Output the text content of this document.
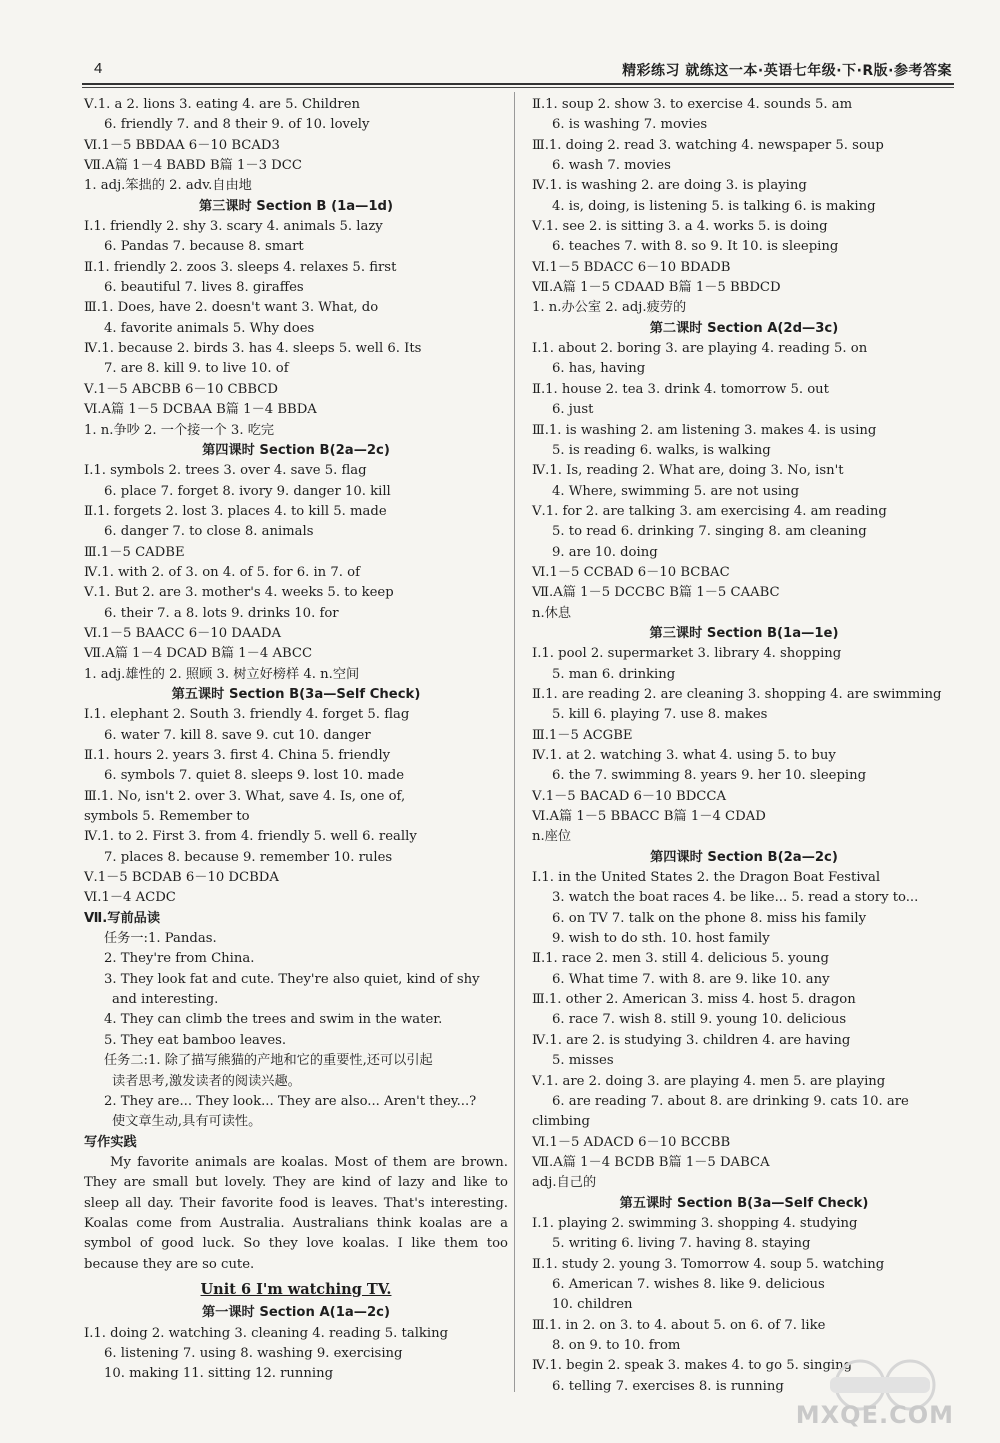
4	精彩练习 就练这一本·英语七年级·下·R版·参考答案
Ⅴ.1. a 2. lions 3. eating 4. are 5. Children
6. friendly 7. and 8 their 9. of 10. lovely
Ⅵ.1－5 BBDAA 6－10 BCAD3
Ⅶ.A篇 1－4 BABD B篇 1－3 DCC
1. adj.笨拙的 2. adv.自由地
第三课时 Section B (1a—1d)
Ⅰ.1. friendly 2. shy 3. scary 4. animals 5. lazy
6. Pandas 7. because 8. smart
Ⅱ.1. friendly 2. zoos 3. sleeps 4. relaxes 5. first
6. beautiful 7. lives 8. giraffes
Ⅲ.1. Does, have 2. doesn't want 3. What, do
4. favorite animals 5. Why does
Ⅳ.1. because 2. birds 3. has 4. sleeps 5. well 6. Its
7. are 8. kill 9. to live 10. of
Ⅴ.1－5 ABCBB 6－10 CBBCD
Ⅵ.A篇 1－5 DCBAA B篇 1－4 BBDA
1. n.争吵 2. 一个接一个 3. 吃完
第四课时 Section B(2a—2c)
Ⅰ.1. symbols 2. trees 3. over 4. save 5. flag
6. place 7. forget 8. ivory 9. danger 10. kill
Ⅱ.1. forgets 2. lost 3. places 4. to kill 5. made
6. danger 7. to close 8. animals
Ⅲ.1－5 CADBE
Ⅳ.1. with 2. of 3. on 4. of 5. for 6. in 7. of
Ⅴ.1. But 2. are 3. mother's 4. weeks 5. to keep
6. their 7. a 8. lots 9. drinks 10. for
Ⅵ.1－5 BAACC 6－10 DAADA
Ⅶ.A篇 1－4 DCAD B篇 1－4 ABCC
1. adj.雄性的 2. 照顾 3. 树立好榜样 4. n.空间
第五课时 Section B(3a—Self Check)
Ⅰ.1. elephant 2. South 3. friendly 4. forget 5. flag
6. water 7. kill 8. save 9. cut 10. danger
Ⅱ.1. hours 2. years 3. first 4. China 5. friendly
6. symbols 7. quiet 8. sleeps 9. lost 10. made
Ⅲ.1. No, isn't 2. over 3. What, save 4. Is, one of,
symbols 5. Remember to
Ⅳ.1. to 2. First 3. from 4. friendly 5. well 6. really
7. places 8. because 9. remember 10. rules
Ⅴ.1－5 BCDAB 6－10 DCBDA
Ⅵ.1－4 ACDC
Ⅶ.写前品读
任务一:1. Pandas.
2. They're from China.
3. They look fat and cute. They're also quiet, kind of shy
and interesting.
4. They can climb the trees and swim in the water.
5. They eat bamboo leaves.
任务二:1. 除了描写熊猫的产地和它的重要性,还可以引起
读者思考,激发读者的阅读兴趣。
2. They are... They look... They are also... Aren't they...?
使文章生动,具有可读性。
写作实践
My favorite animals are koalas. Most of them are brown. They are small but lovely. They are kind of lazy and like to sleep all day. Their favorite food is leaves. That's interesting. Koalas come from Australia. Australians think koalas are a symbol of good luck. So they love koalas. I like them too because they are so cute.
Unit 6 I'm watching TV.
第一课时 Section A(1a—2c)
Ⅰ.1. doing 2. watching 3. cleaning 4. reading 5. talking
6. listening 7. using 8. washing 9. exercising
10. making 11. sitting 12. running
Ⅱ.1. soup 2. show 3. to exercise 4. sounds 5. am
6. is washing 7. movies
Ⅲ.1. doing 2. read 3. watching 4. newspaper 5. soup
6. wash 7. movies
Ⅳ.1. is washing 2. are doing 3. is playing
4. is, doing, is listening 5. is talking 6. is making
Ⅴ.1. see 2. is sitting 3. a 4. works 5. is doing
6. teaches 7. with 8. so 9. It 10. is sleeping
Ⅵ.1－5 BDACC 6－10 BDADB
Ⅶ.A篇 1－5 CDAAD B篇 1－5 BBDCD
1. n.办公室 2. adj.疲劳的
第二课时 Section A(2d—3c)
Ⅰ.1. about 2. boring 3. are playing 4. reading 5. on
6. has, having
Ⅱ.1. house 2. tea 3. drink 4. tomorrow 5. out
6. just
Ⅲ.1. is washing 2. am listening 3. makes 4. is using
5. is reading 6. walks, is walking
Ⅳ.1. Is, reading 2. What are, doing 3. No, isn't
4. Where, swimming 5. are not using
Ⅴ.1. for 2. are talking 3. am exercising 4. am reading
5. to read 6. drinking 7. singing 8. am cleaning
9. are 10. doing
Ⅵ.1－5 CCBAD 6－10 BCBAC
Ⅶ.A篇 1－5 DCCBC B篇 1－5 CAABC
n.休息
第三课时 Section B(1a—1e)
Ⅰ.1. pool 2. supermarket 3. library 4. shopping
5. man 6. drinking
Ⅱ.1. are reading 2. are cleaning 3. shopping 4. are swimming
5. kill 6. playing 7. use 8. makes
Ⅲ.1－5 ACGBE
Ⅳ.1. at 2. watching 3. what 4. using 5. to buy
6. the 7. swimming 8. years 9. her 10. sleeping
Ⅴ.1－5 BACAD 6－10 BDCCA
Ⅵ.A篇 1－5 BBACC B篇 1－4 CDAD
n.座位
第四课时 Section B(2a—2c)
Ⅰ.1. in the United States 2. the Dragon Boat Festival
3. watch the boat races 4. be like... 5. read a story to...
6. on TV 7. talk on the phone 8. miss his family
9. wish to do sth. 10. host family
Ⅱ.1. race 2. men 3. still 4. delicious 5. young
6. What time 7. with 8. are 9. like 10. any
Ⅲ.1. other 2. American 3. miss 4. host 5. dragon
6. race 7. wish 8. still 9. young 10. delicious
Ⅳ.1. are 2. is studying 3. children 4. are having
5. misses
Ⅴ.1. are 2. doing 3. are playing 4. men 5. are playing
6. are reading 7. about 8. are drinking 9. cats 10. are
climbing
Ⅵ.1－5 ADACD 6－10 BCCBB
Ⅶ.A篇 1－4 BCDB B篇 1－5 DABCA
adj.自己的
第五课时 Section B(3a—Self Check)
Ⅰ.1. playing 2. swimming 3. shopping 4. studying
5. writing 6. living 7. having 8. staying
Ⅱ.1. study 2. young 3. Tomorrow 4. soup 5. watching
6. American 7. wishes 8. like 9. delicious
10. children
Ⅲ.1. in 2. on 3. to 4. about 5. on 6. of 7. like
8. on 9. to 10. from
Ⅳ.1. begin 2. speak 3. makes 4. to go 5. singing
6. telling 7. exercises 8. is running
MXQE.COM
